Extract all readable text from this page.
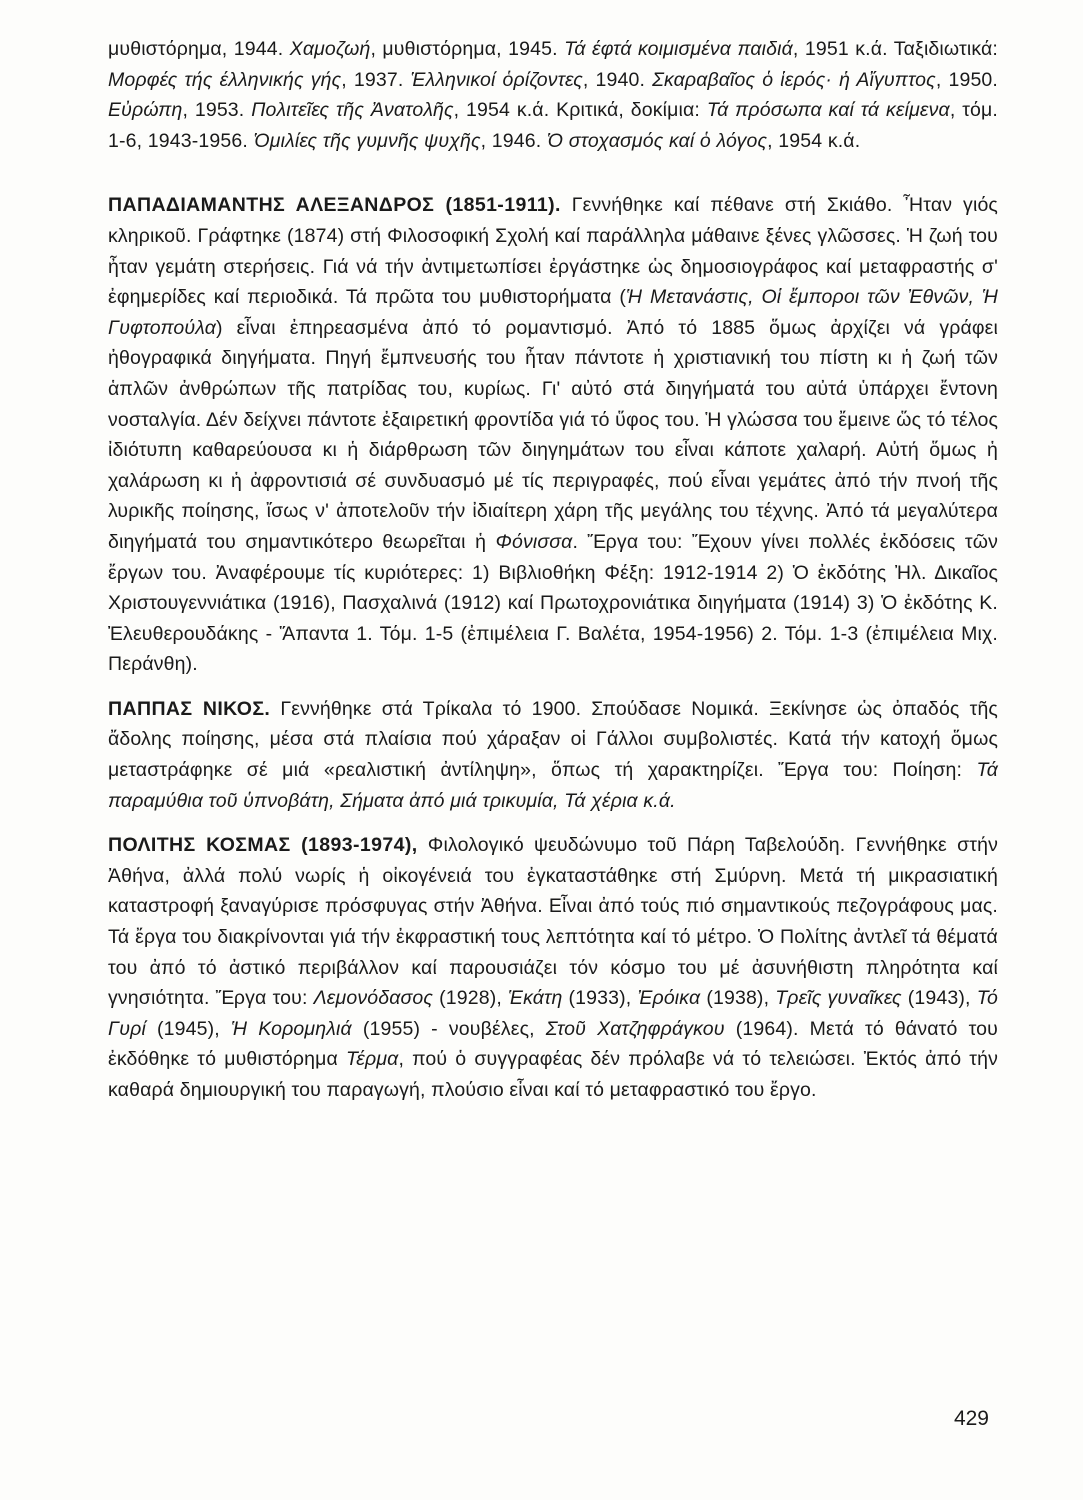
μυθιστόρημα, 1944. Χαμοζωή, μυθιστόρημα, 1945. Τά έφτά κοιμισμένα παιδιά, 1951 κ.ά. Ταξιδιωτικά: Μορφές τής έλληνικής γής, 1937. Ἑλληνικοί ὁρίζοντες, 1940. Σκαραβαῖος ὁ ἱερός· ἡ Αἴγυπτος, 1950. Εὐρώπη, 1953. Πολιτεῖες τῆς Ἀνατολῆς, 1954 κ.ά. Κριτικά, δοκίμια: Τά πρόσωπα καί τά κείμενα, τόμ. 1-6, 1943-1956. Ὁμιλίες τῆς γυμνῆς ψυχῆς, 1946. Ὁ στοχασμός καί ὁ λόγος, 1954 κ.ά.

ΠΑΠΑΔΙΑΜΑΝΤΗΣ ΑΛΕΞΑΝΔΡΟΣ (1851-1911). Γεννήθηκε καί πέθανε στή Σκιάθο. Ἦταν γιός κληρικοῦ. Γράφτηκε (1874) στή Φιλοσοφική Σχολή καί παράλληλα μάθαινε ξένες γλῶσσες. Ἡ ζωή του ἦταν γεμάτη στερήσεις. Γιά νά τήν ἀντιμετωπίσει ἐργάστηκε ὡς δημοσιογράφος καί μεταφραστής σ' ἐφημερίδες καί περιοδικά. Τά πρῶτα του μυθιστορήματα (Ἡ Μετανάστις, Οἱ ἔμποροι τῶν Ἐθνῶν, Ἡ Γυφτοπούλα) εἶναι ἐπηρεασμένα ἀπό τό ρομαντισμό. Ἀπό τό 1885 ὅμως ἀρχίζει νά γράφει ἠθογραφικά διηγήματα. Πηγή ἔμπνευσής του ἦταν πάντοτε ἡ χριστιανική του πίστη κι ἡ ζωή τῶν ἁπλῶν ἀνθρώπων τῆς πατρίδας του, κυρίως. Γι' αὐτό στά διηγήματά του αὐτά ὑπάρχει ἔντονη νοσταλγία. Δέν δείχνει πάντοτε ἐξαιρετική φροντίδα γιά τό ὕφος του. Ἡ γλώσσα του ἔμεινε ὥς τό τέλος ἰδιότυπη καθαρεύουσα κι ἡ διάρθρωση τῶν διηγημάτων του εἶναι κάποτε χαλαρή. Αὐτή ὅμως ἡ χαλάρωση κι ἡ ἀφροντισιά σέ συνδυασμό μέ τίς περιγραφές, πού εἶναι γεμάτες ἀπό τήν πνοή τῆς λυρικῆς ποίησης, ἴσως ν' ἀποτελοῦν τήν ἰδιαίτερη χάρη τῆς μεγάλης του τέχνης. Ἀπό τά μεγαλύτερα διηγήματά του σημαντικότερο θεωρεῖται ἡ Φόνισσα. Ἔργα του: Ἔχουν γίνει πολλές ἐκδόσεις τῶν ἔργων του. Ἀναφέρουμε τίς κυριότερες: 1) Βιβλιοθήκη Φέξη: 1912-1914 2) Ὁ ἐκδότης Ἠλ. Δικαῖος Χριστουγεννιάτικα (1916), Πασχαλινά (1912) καί Πρωτοχρονιάτικα διηγήματα (1914) 3) Ὁ ἐκδότης Κ. Ἐλευθερουδάκης - Ἅπαντα 1. Τόμ. 1-5 (ἐπιμέλεια Γ. Βαλέτα, 1954-1956) 2. Τόμ. 1-3 (ἐπιμέλεια Μιχ. Περάνθη).

ΠΑΠΠΑΣ ΝΙΚΟΣ. Γεννήθηκε στά Τρίκαλα τό 1900. Σπούδασε Νομικά. Ξεκίνησε ὡς ὀπαδός τῆς ἄδολης ποίησης, μέσα στά πλαίσια πού χάραξαν οἱ Γάλλοι συμβολιστές. Κατά τήν κατοχή ὅμως μεταστράφηκε σέ μιά «ρεαλιστική ἀντίληψη», ὅπως τή χαρακτηρίζει. Ἔργα του: Ποίηση: Τά παραμύθια τοῦ ὑπνοβάτη, Σήματα ἀπό μιά τρικυμία, Τά χέρια κ.ά.

ΠΟΛΙΤΗΣ ΚΟΣΜΑΣ (1893-1974), Φιλολογικό ψευδώνυμο τοῦ Πάρη Ταβελούδη. Γεννήθηκε στήν Ἀθήνα, ἀλλά πολύ νωρίς ἡ οἰκογένειά του ἐγκαταστάθηκε στή Σμύρνη. Μετά τή μικρασιατική καταστροφή ξαναγύρισε πρόσφυγας στήν Ἀθήνα. Εἶναι ἀπό τούς πιό σημαντικούς πεζογράφους μας. Τά ἔργα του διακρίνονται γιά τήν ἐκφραστική τους λεπτότητα καί τό μέτρο. Ὁ Πολίτης ἀντλεῖ τά θέματά του ἀπό τό ἀστικό περιβάλλον καί παρουσιάζει τόν κόσμο του μέ ἀσυνήθιστη πληρότητα καί γνησιότητα. Ἔργα του: Λεμονόδασος (1928), Ἑκάτη (1933), Ἐρόικα (1938), Τρεῖς γυναῖκες (1943), Τό Γυρί (1945), Ἡ Κορομηλιά (1955) - νουβέλες, Στοῦ Χατζηφράγκου (1964). Μετά τό θάνατό του ἐκδόθηκε τό μυθιστόρημα Τέρμα, πού ὁ συγγραφέας δέν πρόλαβε νά τό τελειώσει. Ἐκτός ἀπό τήν καθαρά δημιουργική του παραγωγή, πλούσιο εἶναι καί τό μεταφραστικό του ἔργο.

429
